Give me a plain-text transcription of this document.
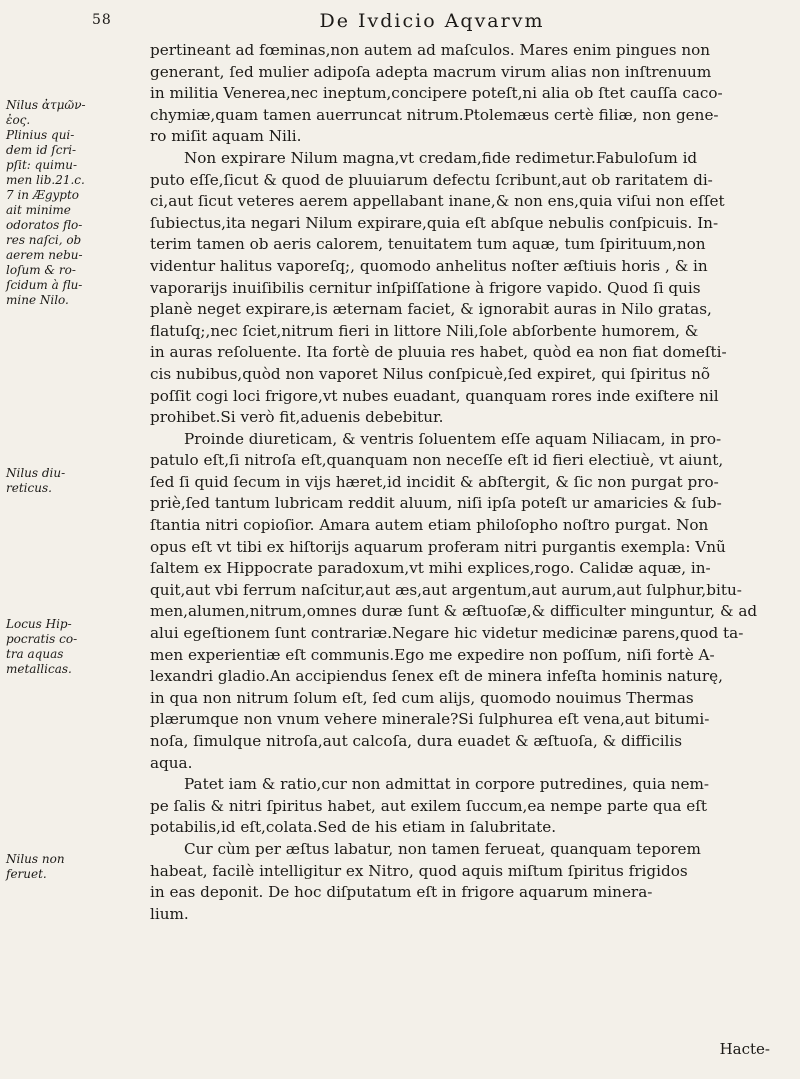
58	De Ivdicio Aqvarvm
Nilus ἀτμῶν-
ἐος.
Plinius qui-
dem id ſcri-
pſit: quimu-
men lib.21.c.
7 in Ægypto
ait minime
odoratos flo-
res naſci, ob
aerem nebu-
loſum & ro-
ſcidum à flu-
mine Nilo.
Nilus diu-
reticus.
Locus Hip-
pocratis co-
tra aquas
metallicas.
Nilus non
feruet.
pertineant ad fœminas,non autem ad maſculos. Mares enim pingues non
generant, ſed mulier adipoſa adepta macrum virum alias non inſtrenuum
in militia Venerea,nec ineptum,concipere poteſt,ni alia ob ſtet cauſſa caco-
chymiæ,quam tamen auerruncat nitrum.Ptolemæus certè filiæ, non gene-
ro miſit aquam Nili.
Non expirare Nilum magna,vt credam,fide redimetur.Fabuloſum id
puto eſſe,ſicut & quod de pluuiarum defectu ſcribunt,aut ob raritatem di-
ci,aut ſicut veteres aerem appellabant inane,& non ens,quia viſui non eſſet
ſubiectus,ita negari Nilum expirare,quia eſt abſque nebulis conſpicuis. In-
terim tamen ob aeris calorem, tenuitatem tum aquæ, tum ſpirituum,non
videntur halitus vaporeſq;, quomodo anhelitus noſter æſtiuis horis , & in
vaporarijs inuiſibilis cernitur inſpiſſatione à frigore vapido. Quod ſi quis
planè neget expirare,is æternam faciet, & ignorabit auras in Nilo gratas,
flatuſq;,nec ſciet,nitrum fieri in littore Nili,ſole abſorbente humorem, &
in auras reſoluente. Ita fortè de pluuia res habet, quòd ea non fiat domeſti-
cis nubibus,quòd non vaporet Nilus conſpicuè,ſed expiret, qui ſpiritus nõ
poſſit cogi loci frigore,vt nubes euadant, quanquam rores inde exiſtere nil
prohibet.Si verò fit,aduenis debebitur.
Proinde diureticam, & ventris ſoluentem eſſe aquam Niliacam, in pro-
patulo eſt,ſi nitroſa eſt,quanquam non neceſſe eſt id fieri electiuè, vt aiunt,
ſed ſi quid ſecum in vijs hæret,id incidit & abſtergit, & ſic non purgat pro-
priè,ſed tantum lubricam reddit aluum, niſi ipſa poteſt ur amaricies & ſub-
ſtantia nitri copioſior. Amara autem etiam philoſopho noſtro purgat. Non
opus eſt vt tibi ex hiſtorijs aquarum proferam nitri purgantis exempla: Vnũ
ſaltem ex Hippocrate paradoxum,vt mihi explices,rogo. Calidæ aquæ, in-
quit,aut vbi ferrum naſcitur,aut æs,aut argentum,aut aurum,aut ſulphur,bitu-
men,alumen,nitrum,omnes duræ ſunt & æſtuoſæ,& difficulter minguntur, & ad
alui egeſtionem ſunt contrariæ.Negare hic videtur medicinæ parens,quod ta-
men experientiæ eſt communis.Ego me expedire non poſſum, niſi fortè A-
lexandri gladio.An accipiendus ſenex eſt de minera infeſta hominis naturę,
in qua non nitrum ſolum eſt, ſed cum alijs, quomodo nouimus Thermas
plærumque non vnum vehere minerale?Si ſulphurea eſt vena,aut bitumi-
noſa, ſimulque nitroſa,aut calcoſa, dura euadet & æſtuoſa, & difficilis
aqua.
Patet iam & ratio,cur non admittat in corpore putredines, quia nem-
pe ſalis & nitri ſpiritus habet, aut exilem ſuccum,ea nempe parte qua eſt
potabilis,id eſt,colata.Sed de his etiam in ſalubritate.
Cur cùm per æſtus labatur, non tamen ferueat, quanquam teporem
habeat, facilè intelligitur ex Nitro, quod aquis miſtum ſpiritus frigidos
in eas deponit. De hoc diſputatum eſt in frigore aquarum minera-
lium.
Hacte-
